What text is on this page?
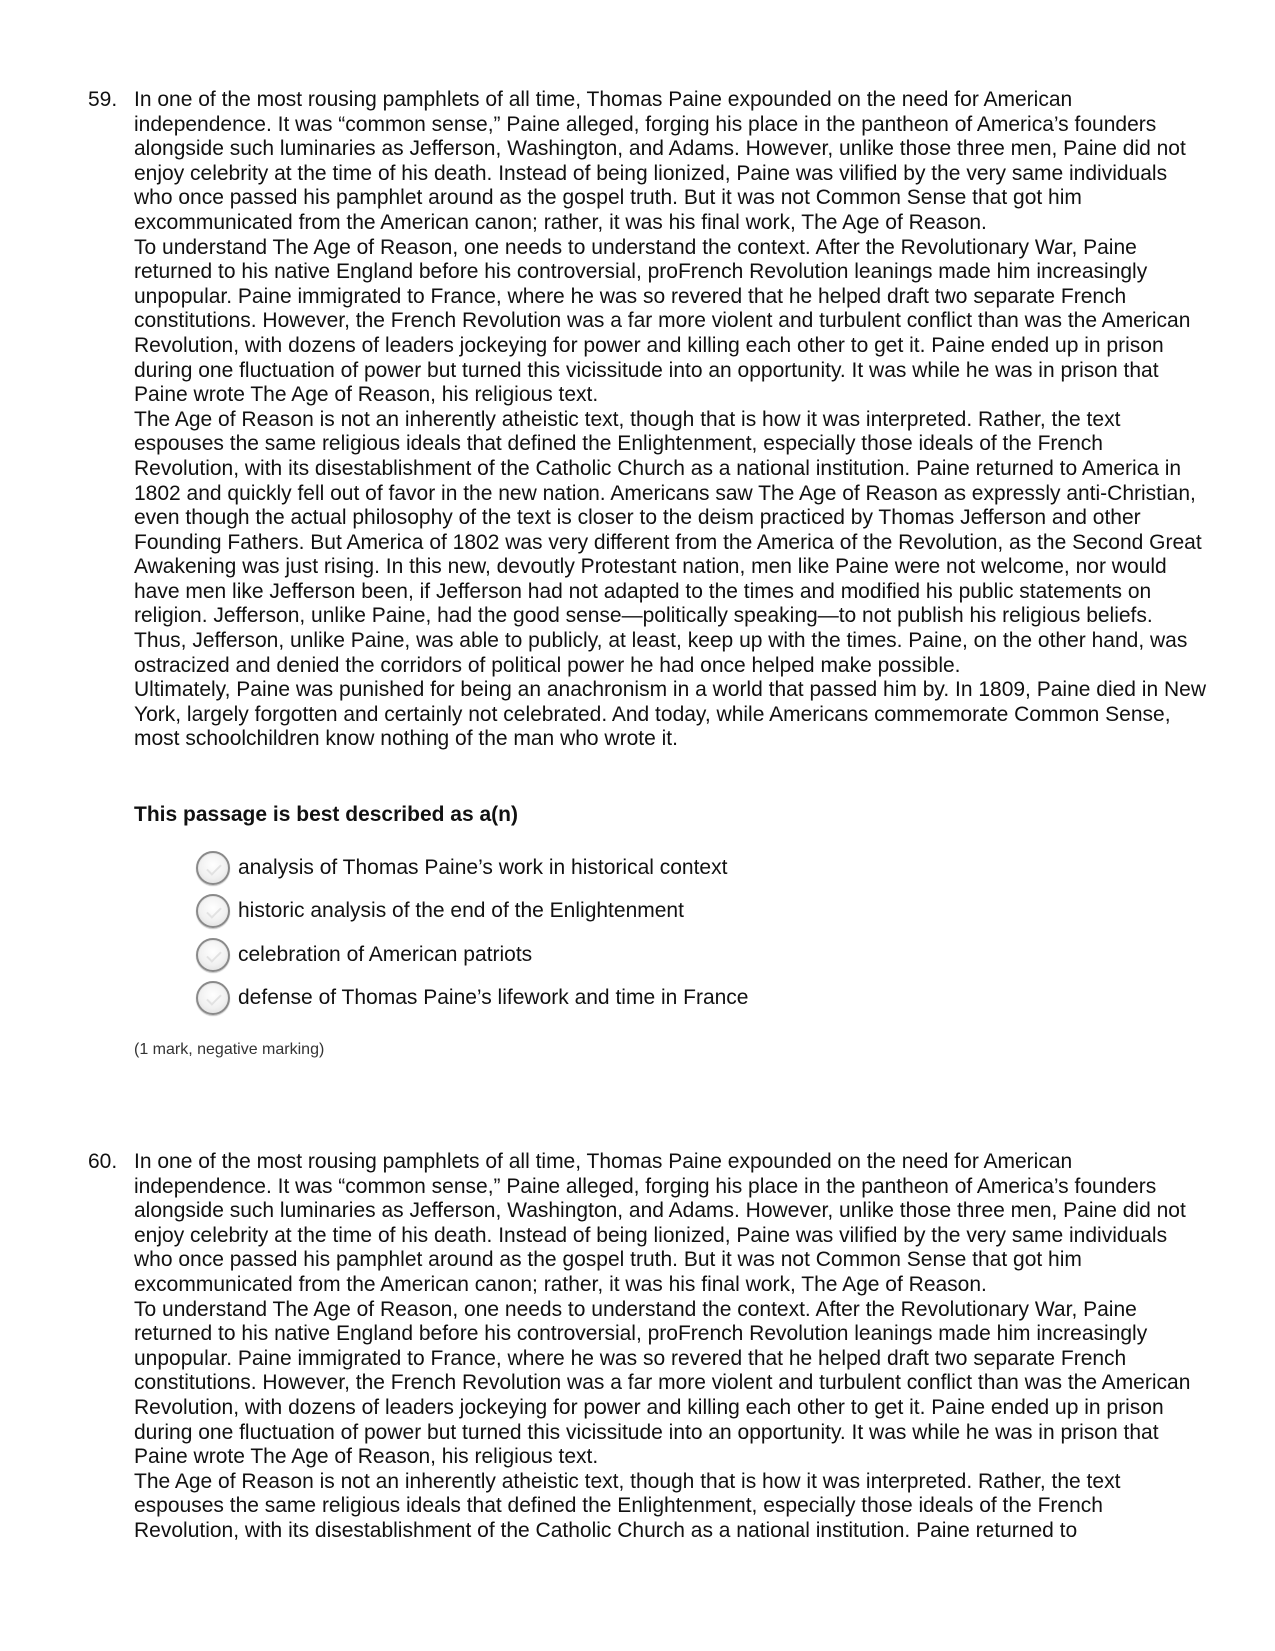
59. In one of the most rousing pamphlets of all time, Thomas Paine expounded on the need for American independence. It was “common sense,” Paine alleged, forging his place in the pantheon of America’s founders alongside such luminaries as Jefferson, Washington, and Adams. However, unlike those three men, Paine did not enjoy celebrity at the time of his death. Instead of being lionized, Paine was vilified by the very same individuals who once passed his pamphlet around as the gospel truth. But it was not Common Sense that got him excommunicated from the American canon; rather, it was his final work, The Age of Reason.

To understand The Age of Reason, one needs to understand the context. After the Revolutionary War, Paine returned to his native England before his controversial, proFrench Revolution leanings made him increasingly unpopular. Paine immigrated to France, where he was so revered that he helped draft two separate French constitutions. However, the French Revolution was a far more violent and turbulent conflict than was the American Revolution, with dozens of leaders jockeying for power and killing each other to get it. Paine ended up in prison during one fluctuation of power but turned this vicissitude into an opportunity. It was while he was in prison that Paine wrote The Age of Reason, his religious text.

The Age of Reason is not an inherently atheistic text, though that is how it was interpreted. Rather, the text espouses the same religious ideals that defined the Enlightenment, especially those ideals of the French Revolution, with its disestablishment of the Catholic Church as a national institution. Paine returned to America in 1802 and quickly fell out of favor in the new nation. Americans saw The Age of Reason as expressly anti-Christian, even though the actual philosophy of the text is closer to the deism practiced by Thomas Jefferson and other Founding Fathers. But America of 1802 was very different from the America of the Revolution, as the Second Great Awakening was just rising. In this new, devoutly Protestant nation, men like Paine were not welcome, nor would have men like Jefferson been, if Jefferson had not adapted to the times and modified his public statements on religion. Jefferson, unlike Paine, had the good sense—politically speaking—to not publish his religious beliefs. Thus, Jefferson, unlike Paine, was able to publicly, at least, keep up with the times. Paine, on the other hand, was ostracized and denied the corridors of political power he had once helped make possible.

Ultimately, Paine was punished for being an anachronism in a world that passed him by. In 1809, Paine died in New York, largely forgotten and certainly not celebrated. And today, while Americans commemorate Common Sense, most schoolchildren know nothing of the man who wrote it.

This passage is best described as a(n)
analysis of Thomas Paine’s work in historical context
historic analysis of the end of the Enlightenment
celebration of American patriots
defense of Thomas Paine’s lifework and time in France
(1 mark, negative marking)
60. In one of the most rousing pamphlets of all time, Thomas Paine expounded on the need for American independence. It was “common sense,” Paine alleged, forging his place in the pantheon of America’s founders alongside such luminaries as Jefferson, Washington, and Adams. However, unlike those three men, Paine did not enjoy celebrity at the time of his death. Instead of being lionized, Paine was vilified by the very same individuals who once passed his pamphlet around as the gospel truth. But it was not Common Sense that got him excommunicated from the American canon; rather, it was his final work, The Age of Reason.

To understand The Age of Reason, one needs to understand the context. After the Revolutionary War, Paine returned to his native England before his controversial, proFrench Revolution leanings made him increasingly unpopular. Paine immigrated to France, where he was so revered that he helped draft two separate French constitutions. However, the French Revolution was a far more violent and turbulent conflict than was the American Revolution, with dozens of leaders jockeying for power and killing each other to get it. Paine ended up in prison during one fluctuation of power but turned this vicissitude into an opportunity. It was while he was in prison that Paine wrote The Age of Reason, his religious text.

The Age of Reason is not an inherently atheistic text, though that is how it was interpreted. Rather, the text espouses the same religious ideals that defined the Enlightenment, especially those ideals of the French Revolution, with its disestablishment of the Catholic Church as a national institution. Paine returned to
